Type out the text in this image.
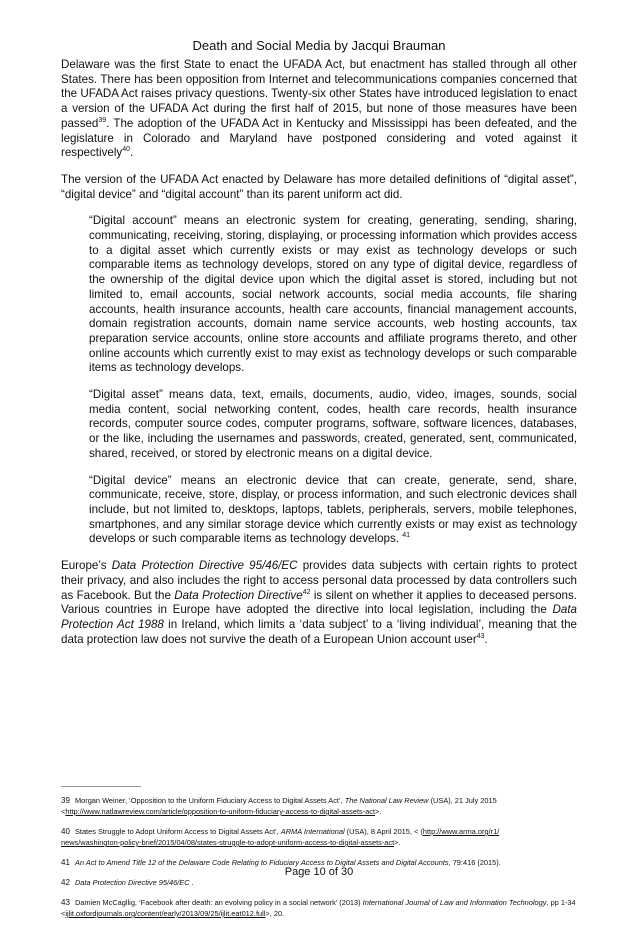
Death and Social Media by Jacqui Brauman

Delaware was the first State to enact the UFADA Act, but enactment has stalled through all other States. There has been opposition from Internet and telecommunications companies concerned that the UFADA Act raises privacy questions. Twenty-six other States have introduced legislation to enact a version of the UFADA Act during the first half of 2015, but none of those measures have been passed$^{39}$. The adoption of the UFADA Act in Kentucky and Mississippi has been defeated, and the legislature in Colorado and Maryland have postponed considering and voted against it respectively$^{40}$.

The version of the UFADA Act enacted by Delaware has more detailed definitions of “digital asset”, “digital device” and “digital account” than its parent uniform act did.

“Digital account” means an electronic system for creating, generating, sending, sharing, communicating, receiving, storing, displaying, or processing information which provides access to a digital asset which currently exists or may exist as technology develops or such comparable items as technology develops, stored on any type of digital device, regardless of the ownership of the digital device upon which the digital asset is stored, including but not limited to, email accounts, social network accounts, social media accounts, file sharing accounts, health insurance accounts, health care accounts, financial management accounts, domain registration accounts, domain name service accounts, web hosting accounts, tax preparation service accounts, online store accounts and affiliate programs thereto, and other online accounts which currently exist to may exist as technology develops or such comparable items as technology develops.

“Digital asset” means data, text, emails, documents, audio, video, images, sounds, social media content, social networking content, codes, health care records, health insurance records, computer source codes, computer programs, software, software licences, databases, or the like, including the usernames and passwords, created, generated, sent, communicated, shared, received, or stored by electronic means on a digital device.

“Digital device” means an electronic device that can create, generate, send, share, communicate, receive, store, display, or process information, and such electronic devices shall include, but not limited to, desktops, laptops, tablets, peripherals, servers, mobile telephones, smartphones, and any similar storage device which currently exists or may exist as technology develops or such comparable items as technology develops. $^{41}$

Europe’s Data Protection Directive 95/46/EC provides data subjects with certain rights to protect their privacy, and also includes the right to access personal data processed by data controllers such as Facebook. But the Data Protection Directive$^{42}$ is silent on whether it applies to deceased persons. Various countries in Europe have adopted the directive into local legislation, including the Data Protection Act 1988 in Ireland, which limits a ‘data subject’ to a ‘living individual’, meaning that the data protection law does not survive the death of a European Union account user$^{43}$.

39 Morgan Weiner, ‘Opposition to the Uniform Fiduciary Access to Digital Assets Act’, The National Law Review (USA), 21 July 2015 <http://www.natlawreview.com/article/opposition-to-uniform-fiduciary-access-to-digital-assets-act>.
40 States Struggle to Adopt Uniform Access to Digital Assets Act’, ARMA International (USA), 8 April 2015, < (http://www.arma.org/r1/
news/washington-policy-brief/2015/04/08/states-struggle-to-adopt-uniform-access-to-digital-assets-act>.
41 An Act to Amend Title 12 of the Delaware Code Relating to Fiduciary Access to Digital Assets and Digital Accounts, 79:416 (2015).
42 Data Protection Directive 95/46/EC .
43 Damien McCagllig, ‘Facebook after death: an evolving policy in a social network’ (2013) International Journal of Law and Information Technology, pp 1-34 <ijlit.oxfordjournals.org/content/early/2013/09/25/ijlit.eat012.full>, 20.
Page 10 of 30
